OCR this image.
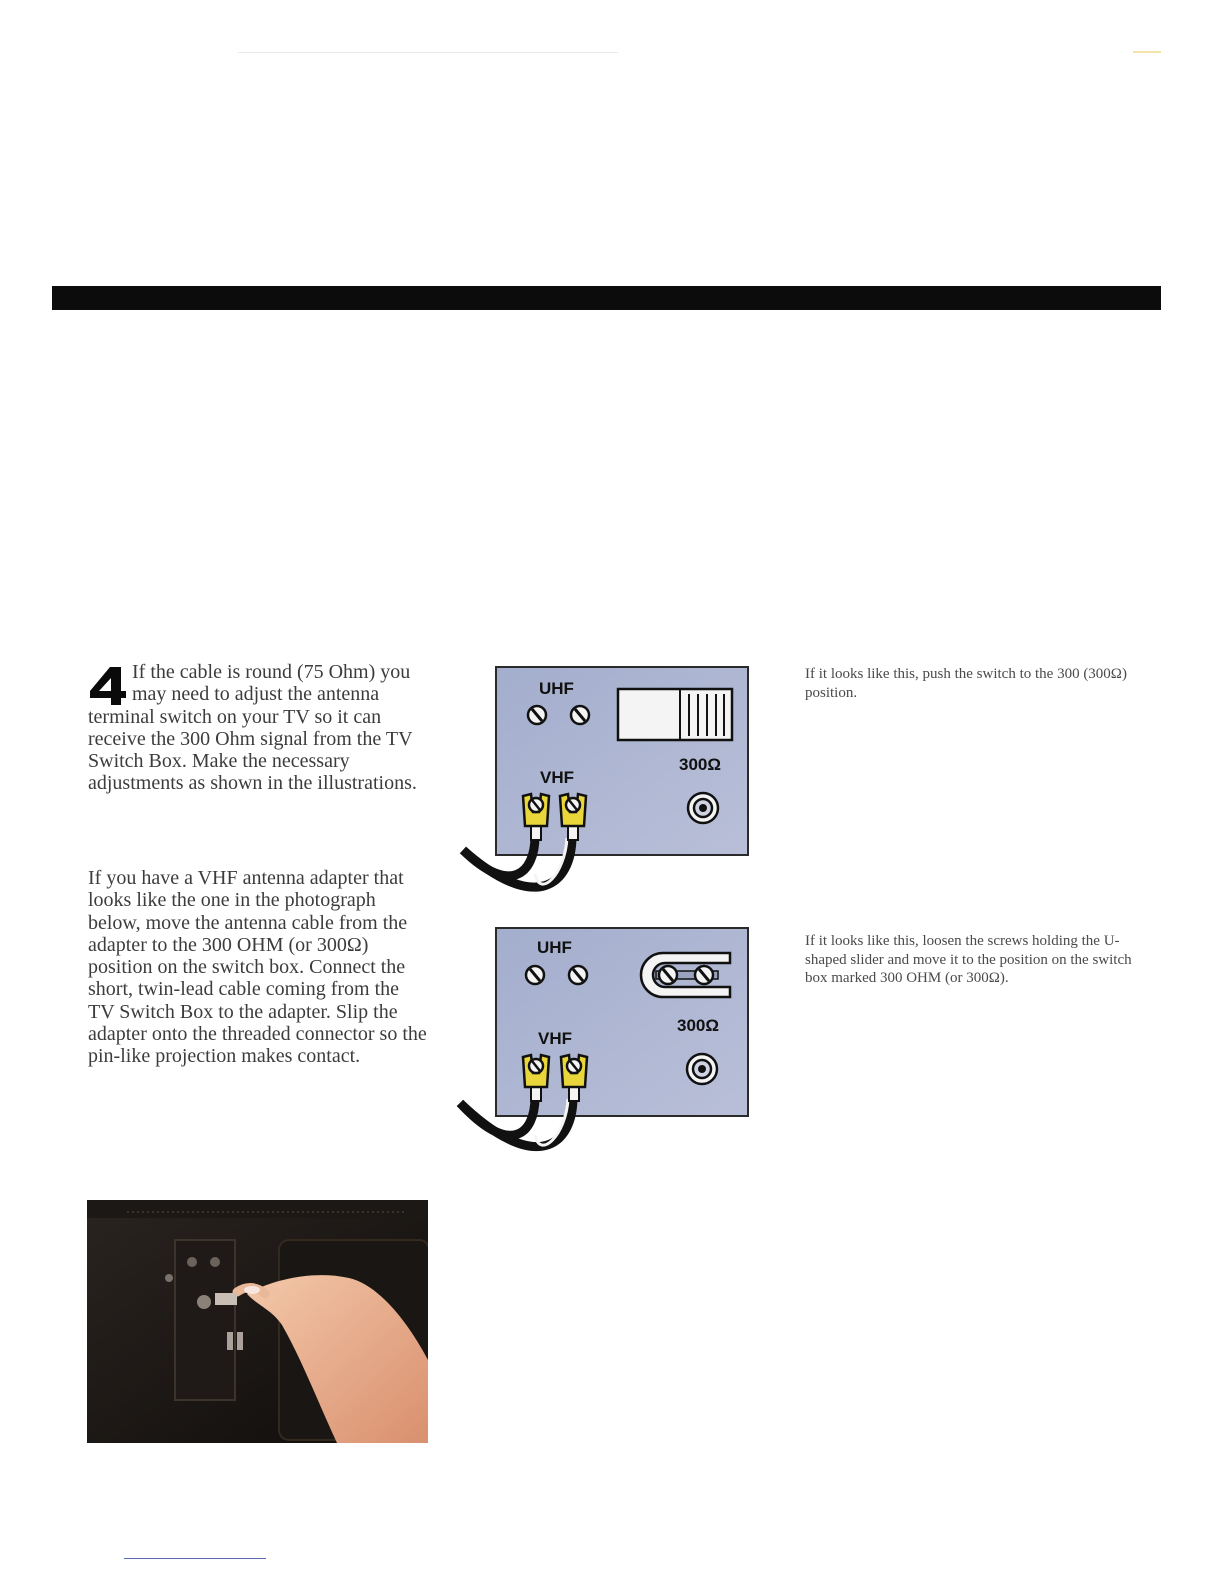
If the cable is round (75 Ohm) you may need to adjust the antenna terminal switch on your TV so it can receive the 300 Ohm signal from the TV Switch Box. Make the necessary adjustments as shown in the illustrations.
If you have a VHF antenna adapter that looks like the one in the photograph below, move the antenna cable from the adapter to the 300 OHM (or 300Ω) position on the switch box. Connect the short, twin-lead cable coming from the TV Switch Box to the adapter. Slip the adapter onto the threaded connector so the pin-like projection makes contact.
UHF
300Ω
VHF
If it looks like this, push the switch to the 300 (300Ω) position.
UHF
300Ω
VHF
If it looks like this, loosen the screws holding the U-shaped slider and move it to the position on the switch box marked 300 OHM (or 300Ω).
